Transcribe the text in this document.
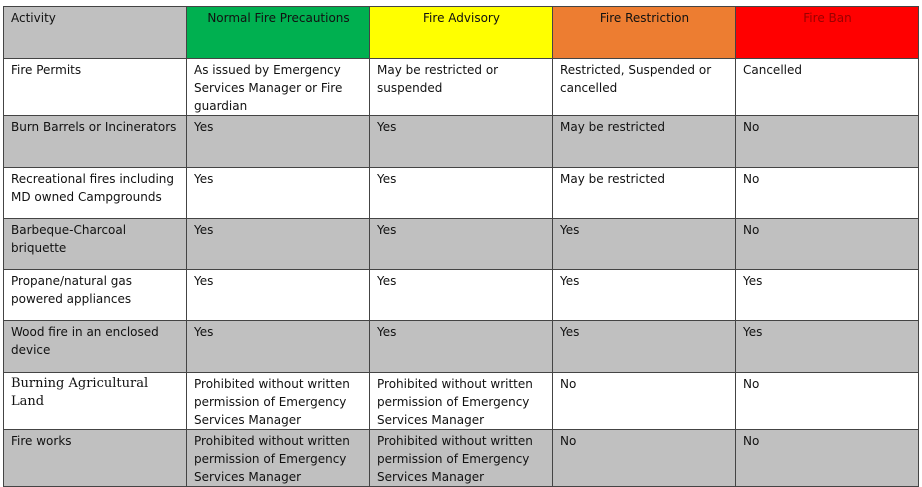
Activity	Normal Fire Precautions	Fire Advisory	Fire Restriction	Fire Ban
Fire Permits	As issued by Emergency Services Manager or Fire guardian	May be restricted or suspended	Restricted, Suspended or cancelled	Cancelled
Burn Barrels or Incinerators	Yes	Yes	May be restricted	No
Recreational fires including MD owned Campgrounds	Yes	Yes	May be restricted	No
Barbeque-Charcoal briquette	Yes	Yes	Yes	No
Propane/natural gas powered appliances	Yes	Yes	Yes	Yes
Wood fire in an enclosed device	Yes	Yes	Yes	Yes
Burning Agricultural Land	Prohibited without written permission of Emergency Services Manager	Prohibited without written permission of Emergency Services Manager	No	No
Fire works	Prohibited without written permission of Emergency Services Manager	Prohibited without written permission of Emergency Services Manager	No	No
